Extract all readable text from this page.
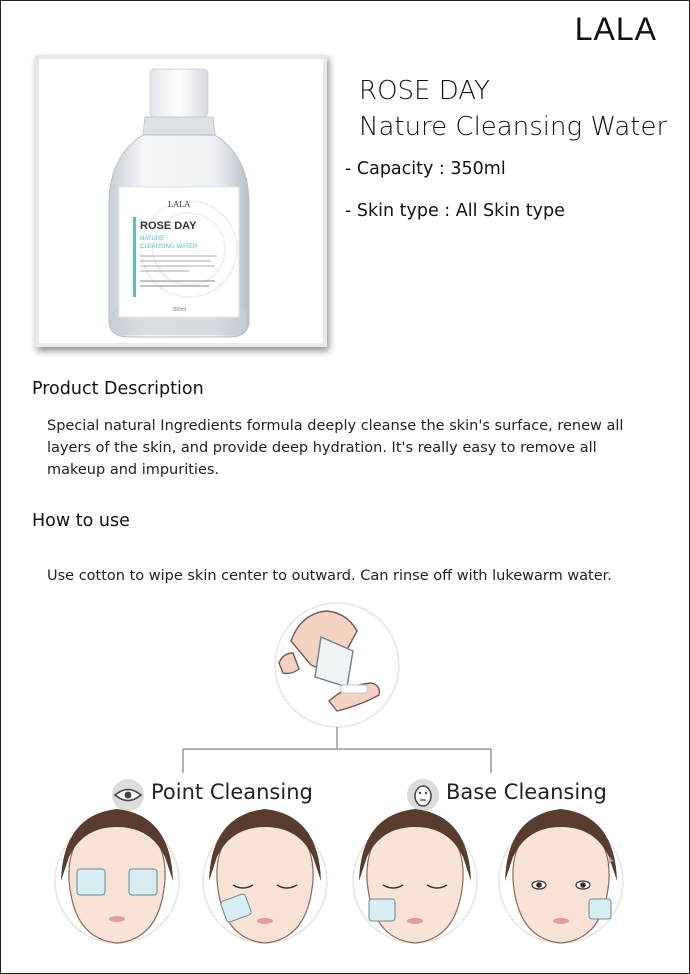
LALA
LALA
ROSE DAY
NATURE
CLEANSING WATER
350ml
ROSE DAY
Nature Cleansing Water
- Capacity : 350ml
- Skin type : All Skin type
Product Description
Special natural Ingredients formula deeply cleanse the skin's surface, renew all layers of the skin, and provide deep hydration. It's really easy to remove all makeup and impurities.
How to use
Use cotton to wipe skin center to outward. Can rinse off with lukewarm water.
✦
Point Cleansing	Base Cleansing
